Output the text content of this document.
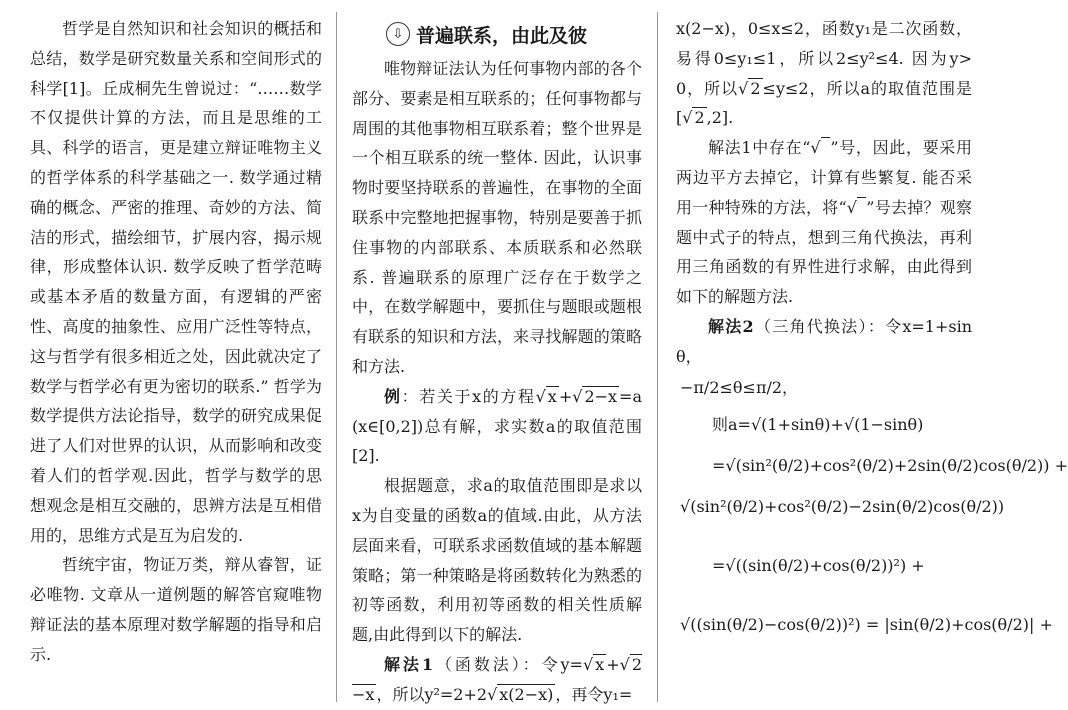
哲学是自然知识和社会知识的概括和总结，数学是研究数量关系和空间形式的科学[1]。丘成桐先生曾说过：“……数学不仅提供计算的方法，而且是思维的工具、科学的语言，更是建立辩证唯物主义的哲学体系的科学基础之一. 数学通过精确的概念、严密的推理、奇妙的方法、简洁的形式，描绘细节，扩展内容，揭示规律，形成整体认识. 数学反映了哲学范畴或基本矛盾的数量方面，有逻辑的严密性、高度的抽象性、应用广泛性等特点，这与哲学有很多相近之处，因此就决定了数学与哲学必有更为密切的联系.” 哲学为数学提供方法论指导，数学的研究成果促进了人们对世界的认识，从而影响和改变着人们的哲学观.因此，哲学与数学的思想观念是相互交融的，思辨方法是互相借用的，思维方式是互为启发的.

哲统宇宙，物证万类，辩从睿智，证必唯物. 文章从一道例题的解答官窥唯物辩证法的基本原理对数学解题的指导和启示.

⇩ 普遍联系，由此及彼

唯物辩证法认为任何事物内部的各个部分、要素是相互联系的；任何事物都与周围的其他事物相互联系着；整个世界是一个相互联系的统一整体. 因此，认识事物时要坚持联系的普遍性，在事物的全面联系中完整地把握事物，特别是要善于抓住事物的内部联系、本质联系和必然联系. 普遍联系的原理广泛存在于数学之中，在数学解题中，要抓住与题眼或题根有联系的知识和方法，来寻找解题的策略和方法.

例：若关于x的方程√ x +√ 2−x =a(x∈[0,2])总有解，求实数a的取值范围[2].

根据题意，求a的取值范围即是求以x为自变量的函数a的值域.由此，从方法层面来看，可联系求函数值域的基本解题策略；第一种策略是将函数转化为熟悉的初等函数，利用初等函数的相关性质解题,由此得到以下的解法.

解法1（函数法）：令y=√ x +√ 2−x ，所以y²=2+2√ x(2−x) ，再令y₁=

x(2−x)，0≤x≤2，函数y₁是二次函数，易得0≤y₁≤1，所以2≤y²≤4. 因为y>0，所以√ 2 ≤y≤2，所以a的取值范围是[√ 2 ,2].

解法1中存在“√ ”号，因此，要采用两边平方去掉它，计算有些繁复. 能否采用一种特殊的方法，将“√ ”号去掉？观察题中式子的特点，想到三角代换法，再利用三角函数的有界性进行求解，由此得到如下的解题方法.

解法2（三角代换法）：令x=1+sinθ，

−π/2≤θ≤π/2，
则a=√(1+sinθ)+√(1−sinθ)
=√(sin²(θ/2)+cos²(θ/2)+2sin(θ/2)cos(θ/2)) +
√(sin²(θ/2)+cos²(θ/2)−2sin(θ/2)cos(θ/2))
=√((sin(θ/2)+cos(θ/2))²) +
√((sin(θ/2)−cos(θ/2))²) = |sin(θ/2)+cos(θ/2)| +
